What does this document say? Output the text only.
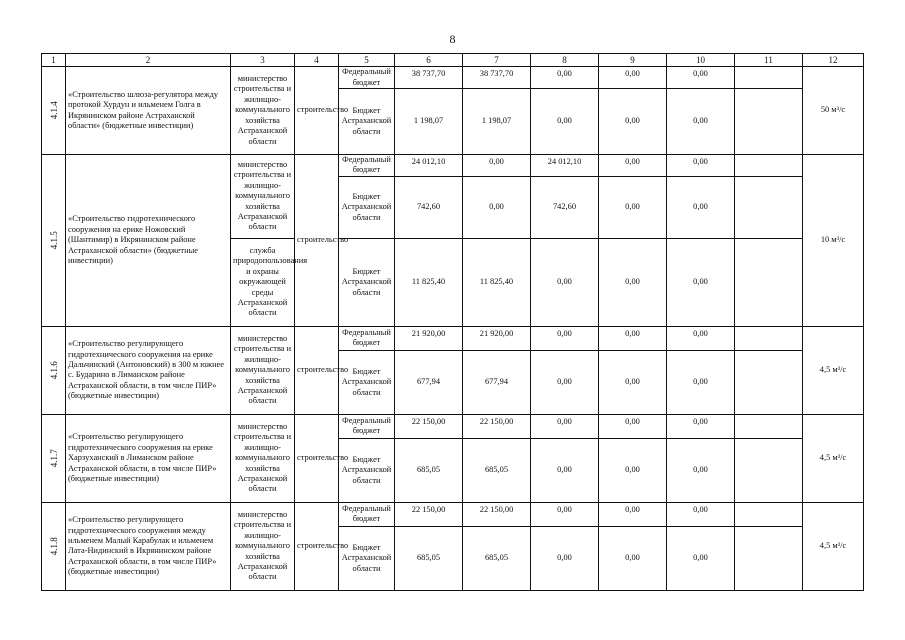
8
1	2	3	4	5	6	7	8	9	10	11	12
4.1.4	«Строительство шлюза-регулятора между протокой Хурдун и ильменем Голга в Икрянинском районе Астраханской области» (бюджетные инвестиции)	министерство строительства и жилищно-коммунального хозяйства Астраханской области	строительство	Федеральный бюджет	38 737,70	38 737,70	0,00	0,00	0,00		50 м³/с
				Бюджет Астраханской области	1 198,07	1 198,07	0,00	0,00	0,00		
4.1.5	«Строительство гидротехнического сооружения на ерике Ножовский (Шантимир) в Икрянинском районе Астраханской области» (бюджетные инвестиции)	министерство строительства и жилищно-коммунального хозяйства Астраханской области	строительство	Федеральный бюджет	24 012,10	0,00	24 012,10	0,00	0,00		10 м³/с
				Бюджет Астраханской области	742,60	0,00	742,60	0,00	0,00		
		служба природопользования и охраны окружающей среды Астраханской области		Бюджет Астраханской области	11 825,40	11 825,40	0,00	0,00	0,00		
4.1.6	«Строительство регулирующего гидротехнического сооружения на ерике Дальчинский (Антоновский) в 300 м южнее с. Бударино в Лиманском районе Астраханской области, в том числе ПИР» (бюджетные инвестиции)	министерство строительства и жилищно-коммунального хозяйства Астраханской области	строительство	Федеральный бюджет	21 920,00	21 920,00	0,00	0,00	0,00		4,5 м³/с
				Бюджет Астраханской области	677,94	677,94	0,00	0,00	0,00		
4.1.7	«Строительство регулирующего гидротехнического сооружения на ерике Харзуханский в Лиманском районе Астраханской области, в том числе ПИР» (бюджетные инвестиции)	министерство строительства и жилищно-коммунального хозяйства Астраханской области	строительство	Федеральный бюджет	22 150,00	22 150,00	0,00	0,00	0,00		4,5 м³/с
				Бюджет Астраханской области	685,05	685,05	0,00	0,00	0,00		
4.1.8	«Строительство регулирующего гидротехнического сооружения между ильменем Малый Карабулак и ильменем Лата-Нидинский в Икрянинском районе Астраханской области, в том числе ПИР» (бюджетные инвестиции)	министерство строительства и жилищно-коммунального хозяйства Астраханской области	строительство	Федеральный бюджет	22 150,00	22 150,00	0,00	0,00	0,00		4,5 м³/с
				Бюджет Астраханской области	685,05	685,05	0,00	0,00	0,00		
